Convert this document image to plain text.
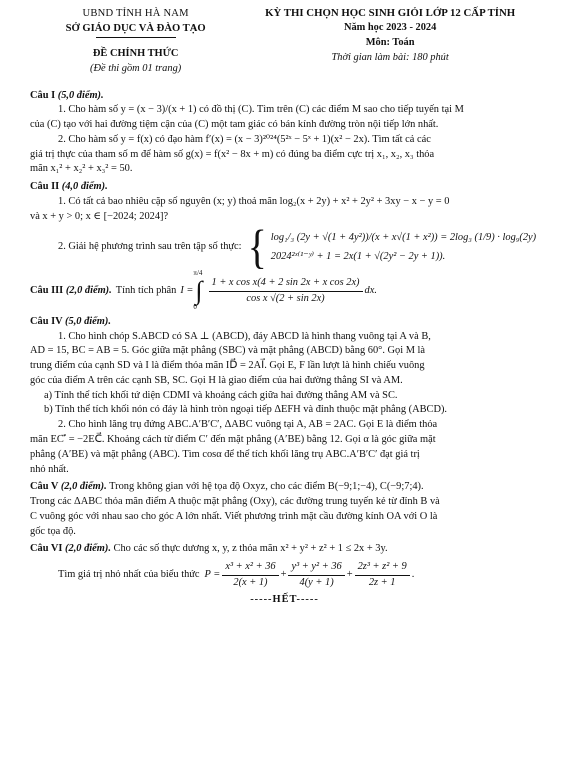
UBND TỈNH HÀ NAM
SỞ GIÁO DỤC VÀ ĐÀO TẠO
ĐỀ CHÍNH THỨC
(Đề thi gồm 01 trang)
KỲ THI CHỌN HỌC SINH GIỎI LỚP 12 CẤP TỈNH
Năm học 2023 - 2024
Môn: Toán
Thời gian làm bài: 180 phút
Câu I (5,0 điểm).

1. Cho hàm số y = (x − 3)/(x + 1) có đồ thị (C). Tìm trên (C) các điểm M sao cho tiếp tuyến tại M

của (C) tạo với hai đường tiệm cận của (C) một tam giác có bán kính đường tròn nội tiếp lớn nhất.

2. Cho hàm số y = f(x) có đạo hàm f′(x) = (x − 3)²⁰²⁴(5²ˣ − 5ˣ + 1)(x² − 2x). Tìm tất cả các

giá trị thực của tham số m để hàm số g(x) = f(x² − 8x + m) có đúng ba điểm cực trị x₁, x₂, x₃ thỏa

mãn x₁² + x₂² + x₃² = 50.

Câu II (4,0 điểm).

1. Có tất cả bao nhiêu cặp số nguyên (x; y) thoả mãn log₂(x + 2y) + x² + 2y² + 3xy − x − y = 0

và x + y > 0; x ∈ [−2024; 2024]?

2. Giải hệ phương trình sau trên tập số thực: { log₁/₃ (2y + √(1 + 4y²))/(x + x√(1 + x²)) = 2log₃ (1/9) · log₉(2y)
2024²ˣ⁽¹⁻ʸ⁾ + 1 = 2x(1 + √(2y² − 2y + 1)).
Câu III (2,0 điểm). Tính tích phân I =
π/4
∫
0
$\frac{\text{1 + x cos x(4 + 2 sin 2x + x cos 2x)}}{\text{cos x √(2 + sin 2x)}}$ dx.
Câu IV (5,0 điểm).

1. Cho hình chóp S.ABCD có SA ⊥ (ABCD), đáy ABCD là hình thang vuông tại A và B,

AD = 15, BC = AB = 5. Góc giữa mặt phẳng (SBC) và mặt phẳng (ABCD) bằng 60°. Gọi M là

trung điểm của cạnh SD và I là điểm thỏa mãn ID⃗ = 2AI⃗. Gọi E, F lần lượt là hình chiếu vuông

góc của điểm A trên các cạnh SB, SC. Gọi H là giao điểm của hai đường thẳng SI và AM.

a) Tính thể tích khối tứ diện CDMI và khoảng cách giữa hai đường thẳng AM và SC.

b) Tính thể tích khối nón có đáy là hình tròn ngoại tiếp ΔEFH và đỉnh thuộc mặt phẳng (ABCD).

2. Cho hình lăng trụ đứng ABC.A′B′C′, ΔABC vuông tại A, AB = 2AC. Gọi E là điểm thỏa

mãn EC′⃗ = −2EC⃗. Khoảng cách từ điểm C′ đến mặt phẳng (A′BE) bằng 12. Gọi α là góc giữa mặt

phẳng (A′BE) và mặt phẳng (ABC). Tìm cosα để thể tích khối lăng trụ ABC.A′B′C′ đạt giá trị

nhỏ nhất.

Câu V (2,0 điểm). Trong không gian với hệ tọa độ Oxyz, cho các điểm B(−9;1;−4), C(−9;7;4).

Trong các ΔABC thỏa mãn điểm A thuộc mặt phẳng (Oxy), các đường trung tuyến kẻ từ đỉnh B và

C vuông góc với nhau sao cho góc A lớn nhất. Viết phương trình mặt cầu đường kính OA với O là

gốc tọa độ.

Câu VI (2,0 điểm). Cho các số thực dương x, y, z thỏa mãn x² + y² + z² + 1 ≤ 2x + 3y.

Tìm giá trị nhỏ nhất của biểu thức $P = \frac{\text{x³ + x² + 36}}{2(x + 1)} + \frac{\text{y³ + y² + 36}}{4(y + 1)} + \frac{\text{2z³ + z² + 9}}{2z + 1}$ .
-----HẾT-----
